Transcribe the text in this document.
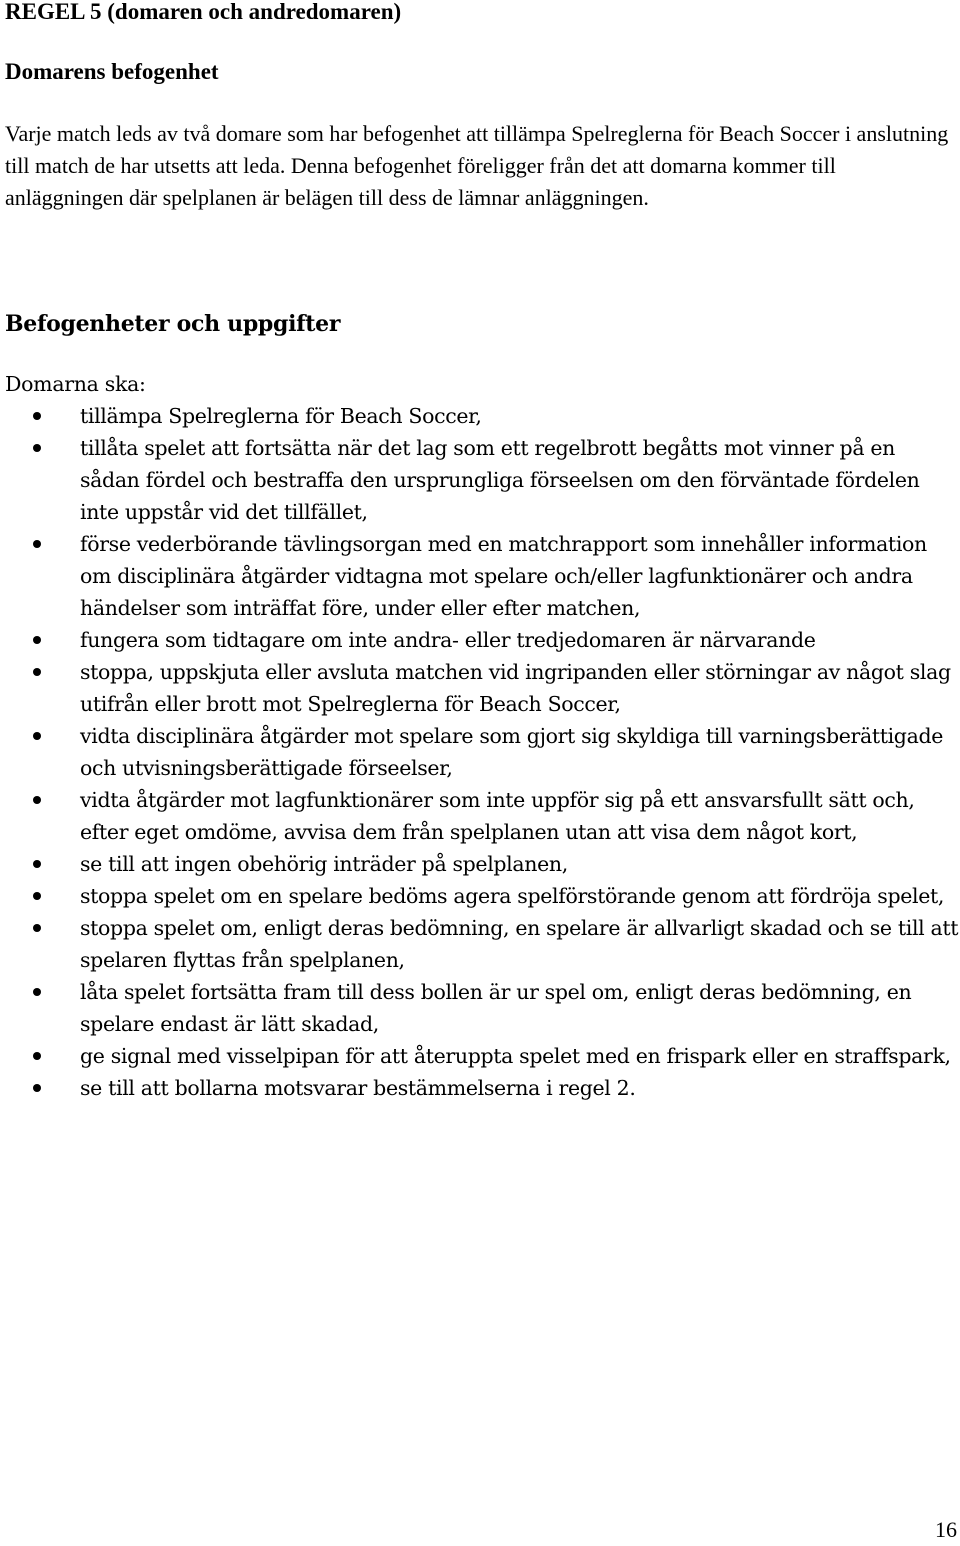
REGEL 5 (domaren och andredomaren)
Domarens befogenhet

Varje match leds av två domare som har befogenhet att tillämpa Spelreglerna för Beach Soccer i anslutning till match de har utsetts att leda. Denna befogenhet föreligger från det att domarna kommer till anläggningen där spelplanen är belägen till dess de lämnar anläggningen.

Befogenheter och uppgifter

Domarna ska:

tillämpa Spelreglerna för Beach Soccer,
tillåta spelet att fortsätta när det lag som ett regelbrott begåtts mot vinner på en sådan fördel och bestraffa den ursprungliga förseelsen om den förväntade fördelen inte uppstår vid det tillfället,
förse vederbörande tävlingsorgan med en matchrapport som innehåller information om disciplinära åtgärder vidtagna mot spelare och/eller lagfunktionärer och andra händelser som inträffat före, under eller efter matchen,
fungera som tidtagare om inte andra- eller tredjedomaren är närvarande
stoppa, uppskjuta eller avsluta matchen vid ingripanden eller störningar av något slag utifrån eller brott mot Spelreglerna för Beach Soccer,
vidta disciplinära åtgärder mot spelare som gjort sig skyldiga till varningsberättigade och utvisningsberättigade förseelser,
vidta åtgärder mot lagfunktionärer som inte uppför sig på ett ansvarsfullt sätt och, efter eget omdöme, avvisa dem från spelplanen utan att visa dem något kort,
se till att ingen obehörig inträder på spelplanen,
stoppa spelet om en spelare bedöms agera spelförstörande genom att fördröja spelet,
stoppa spelet om, enligt deras bedömning, en spelare är allvarligt skadad och se till att spelaren flyttas från spelplanen,
låta spelet fortsätta fram till dess bollen är ur spel om, enligt deras bedömning, en spelare endast är lätt skadad,
ge signal med visselpipan för att återuppta spelet med en frispark eller en straffspark,
se till att bollarna motsvarar bestämmelserna i regel 2.

16
